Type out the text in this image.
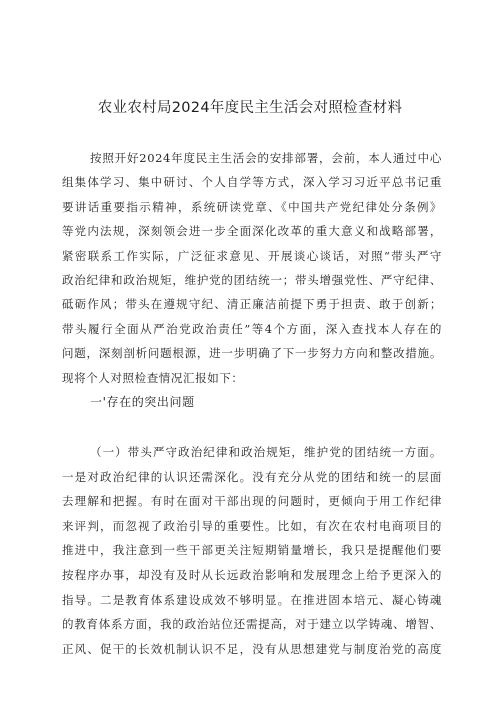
农业农村局2024年度民主生活会对照检查材料
按照开好2024年度民主生活会的安排部署，会前，本人通过中心
组集体学习、集中研讨、个人自学等方式，深入学习习近平总书记重
要讲话重要指示精神，系统研读党章、《中国共产党纪律处分条例》
等党内法规，深刻领会进一步全面深化改革的重大意义和战略部署，
紧密联系工作实际，广泛征求意见、开展谈心谈话，对照“带头严守
政治纪律和政治规矩，维护党的团结统一；带头增强党性、严守纪律、
砥砺作风；带头在遵规守纪、清正廉洁前提下勇于担责、敢于创新；
带头履行全面从严治党政治责任”等4个方面，深入查找本人存在的
问题，深刻剖析问题根源，进一步明确了下一步努力方向和整改措施。
现将个人对照检查情况汇报如下：
一'存在的突出问题
（一）带头严守政治纪律和政治规矩，维护党的团结统一方面。
一是对政治纪律的认识还需深化。没有充分从党的团结和统一的层面
去理解和把握。有时在面对干部出现的问题时，更倾向于用工作纪律
来评判，而忽视了政治引导的重要性。比如，有次在农村电商项目的
推进中，我注意到一些干部更关注短期销量增长，我只是提醒他们要
按程序办事，却没有及时从长远政治影响和发展理念上给予更深入的
指导。二是教育体系建设成效不够明显。在推进固本培元、凝心铸魂
的教育体系方面，我的政治站位还需提高，对于建立以学铸魂、增智、
正风、促干的长效机制认识不足，没有从思想建党与制度治党的高度
